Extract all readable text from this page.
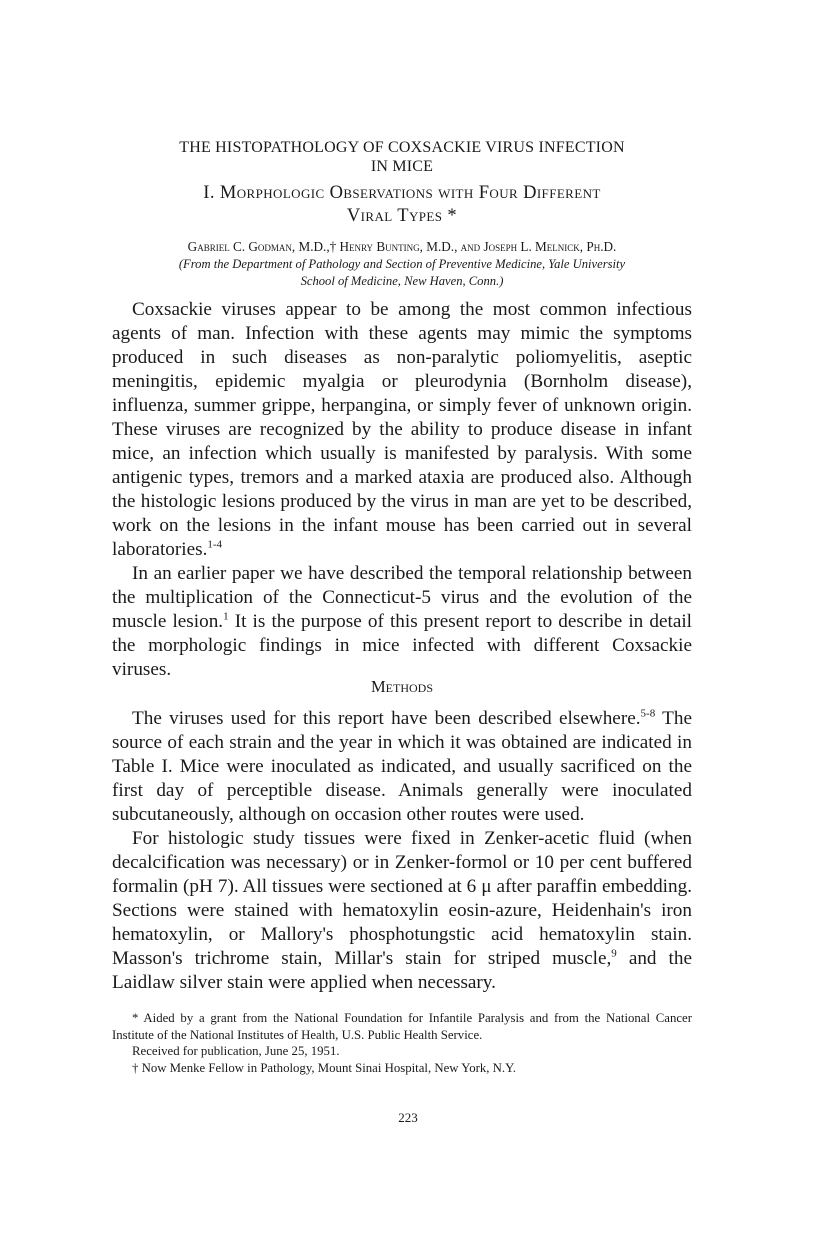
THE HISTOPATHOLOGY OF COXSACKIE VIRUS INFECTION
IN MICE

I. Morphologic Observations with Four Different
Viral Types *

Gabriel C. Godman, M.D.,† Henry Bunting, M.D., and Joseph L. Melnick, Ph.D.

(From the Department of Pathology and Section of Preventive Medicine, Yale University
School of Medicine, New Haven, Conn.)

Coxsackie viruses appear to be among the most common infectious agents of man. Infection with these agents may mimic the symptoms produced in such diseases as non-paralytic poliomyelitis, aseptic meningitis, epidemic myalgia or pleurodynia (Bornholm disease), influenza, summer grippe, herpangina, or simply fever of unknown origin. These viruses are recognized by the ability to produce disease in infant mice, an infection which usually is manifested by paralysis. With some antigenic types, tremors and a marked ataxia are produced also. Although the histologic lesions produced by the virus in man are yet to be described, work on the lesions in the infant mouse has been carried out in several laboratories.$^{1-4}$

In an earlier paper we have described the temporal relationship between the multiplication of the Connecticut-5 virus and the evolution of the muscle lesion.$^1$ It is the purpose of this present report to describe in detail the morphologic findings in mice infected with different Coxsackie viruses.

Methods

The viruses used for this report have been described elsewhere.$^{5-8}$ The source of each strain and the year in which it was obtained are indicated in Table I. Mice were inoculated as indicated, and usually sacrificed on the first day of perceptible disease. Animals generally were inoculated subcutaneously, although on occasion other routes were used.

For histologic study tissues were fixed in Zenker-acetic fluid (when decalcification was necessary) or in Zenker-formol or 10 per cent buffered formalin (pH 7). All tissues were sectioned at 6 μ after paraffin embedding. Sections were stained with hematoxylin eosin-azure, Heidenhain's iron hematoxylin, or Mallory's phosphotungstic acid hematoxylin stain. Masson's trichrome stain, Millar's stain for striped muscle,$^9$ and the Laidlaw silver stain were applied when necessary.

* Aided by a grant from the National Foundation for Infantile Paralysis and from the National Cancer Institute of the National Institutes of Health, U.S. Public Health Service.

Received for publication, June 25, 1951.

† Now Menke Fellow in Pathology, Mount Sinai Hospital, New York, N.Y.

223
